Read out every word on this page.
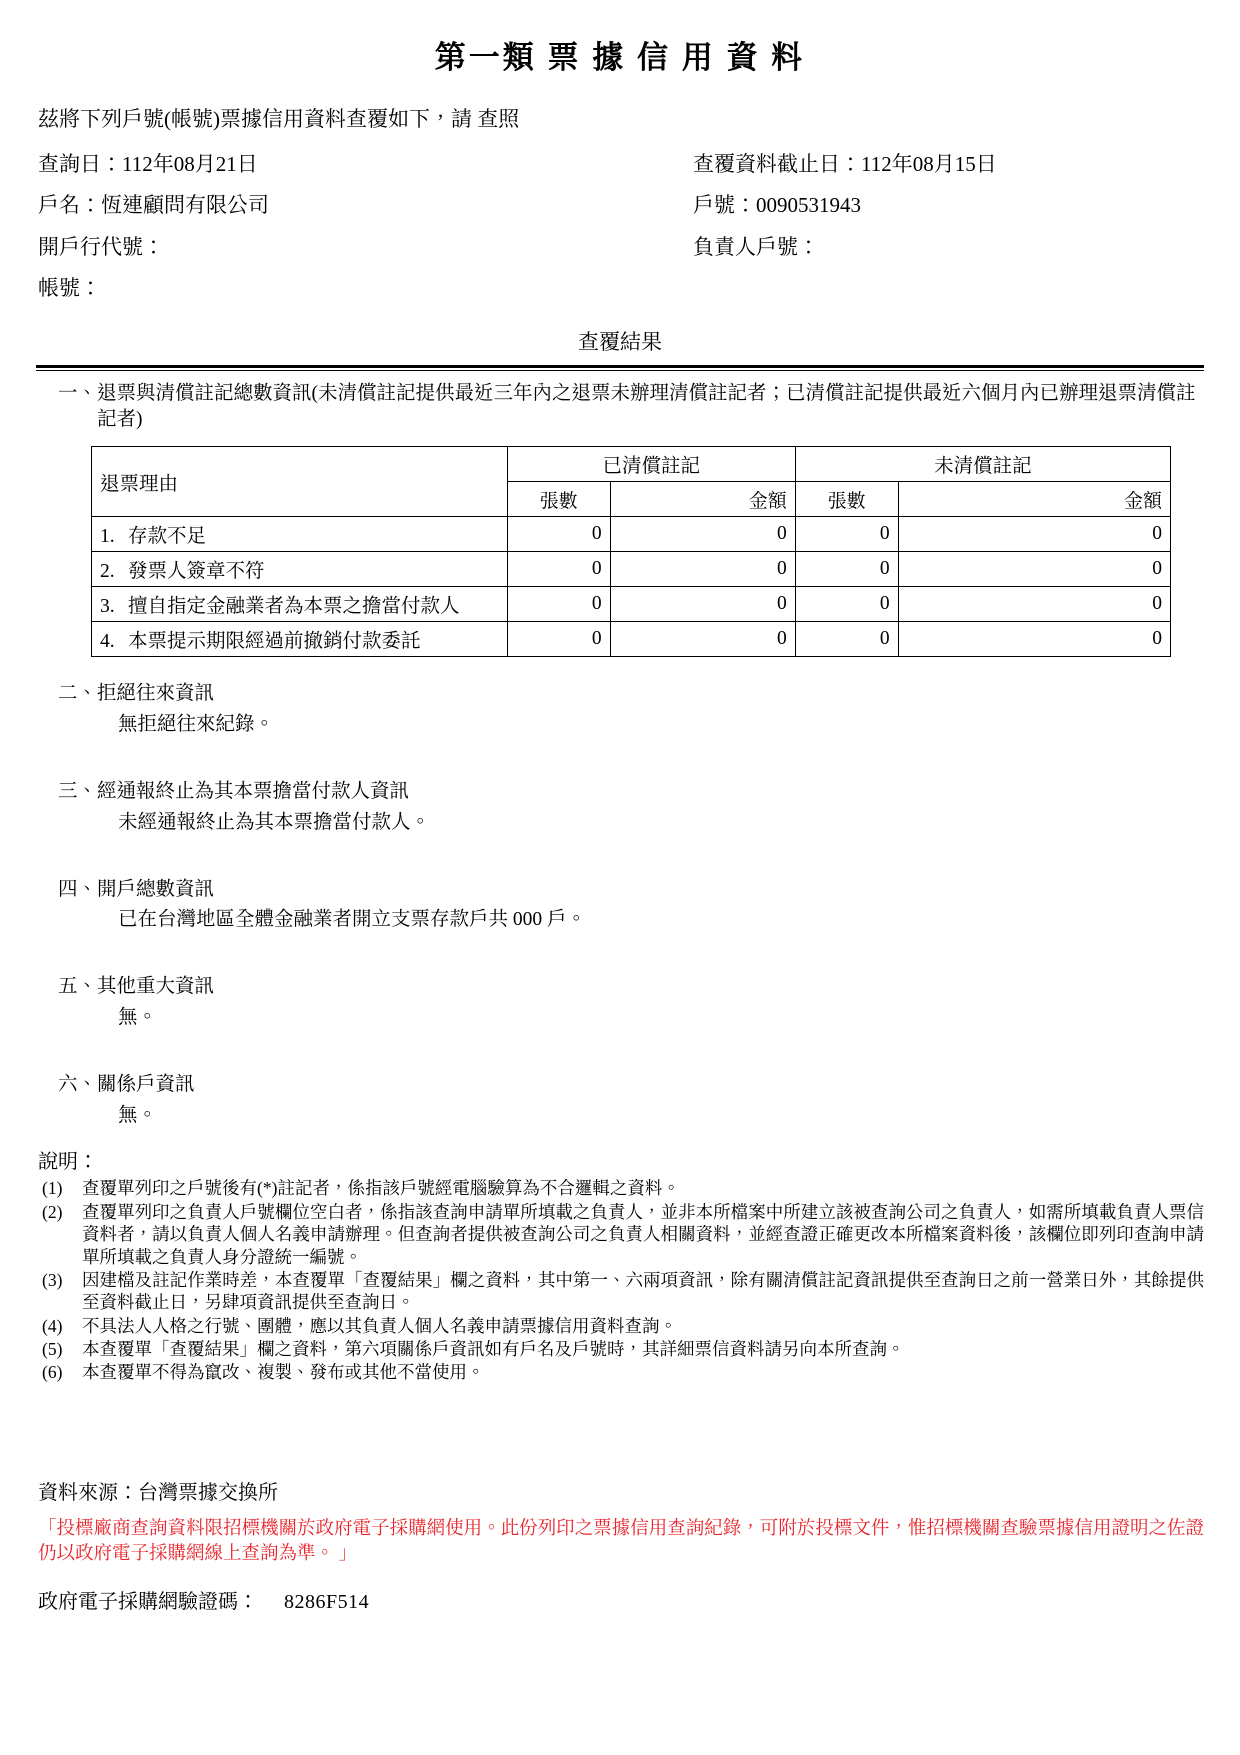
第一類 票 據 信 用 資 料
茲將下列戶號(帳號)票據信用資料查覆如下，請 查照
查詢日：112年08月21日	查覆資料截止日：112年08月15日
戶名：恆連顧問有限公司	戶號：0090531943
開戶行代號：	負責人戶號：
帳號：
查覆結果
一、 退票與清償註記總數資訊(未清償註記提供最近三年內之退票未辦理清償註記者；已清償註記提供最近六個月內已辦理退票清償註記者)
退票理由	已清償註記		未清償註記	
	張數	金額	張數	金額
1. 存款不足	0	0	0	0
2. 發票人簽章不符	0	0	0	0
3. 擅自指定金融業者為本票之擔當付款人	0	0	0	0
4. 本票提示期限經過前撤銷付款委託	0	0	0	0
二、 拒絕往來資訊
無拒絕往來紀錄。
三、 經通報終止為其本票擔當付款人資訊
未經通報終止為其本票擔當付款人。
四、 開戶總數資訊
已在台灣地區全體金融業者開立支票存款戶共 000 戶。
五、 其他重大資訊
無。
六、 關係戶資訊
無。
說明：
(1)	查覆單列印之戶號後有(*)註記者，係指該戶號經電腦驗算為不合邏輯之資料。
(2)	查覆單列印之負責人戶號欄位空白者，係指該查詢申請單所填載之負責人，並非本所檔案中所建立該被查詢公司之負責人，如需所填載負責人票信資料者，請以負責人個人名義申請辦理。但查詢者提供被查詢公司之負責人相關資料，並經查證正確更改本所檔案資料後，該欄位即列印查詢申請單所填載之負責人身分證統一編號。
(3)	因建檔及註記作業時差，本查覆單「查覆結果」欄之資料，其中第一、六兩項資訊，除有關清償註記資訊提供至查詢日之前一營業日外，其餘提供至資料截止日，另肆項資訊提供至查詢日。
(4)	不具法人人格之行號、團體，應以其負責人個人名義申請票據信用資料查詢。
(5)	本查覆單「查覆結果」欄之資料，第六項關係戶資訊如有戶名及戶號時，其詳細票信資料請另向本所查詢。
(6)	本查覆單不得為竄改、複製、發布或其他不當使用。
資料來源：台灣票據交換所
「投標廠商查詢資料限招標機關於政府電子採購網使用。此份列印之票據信用查詢紀錄，可附於投標文件，惟招標機關查驗票據信用證明之佐證仍以政府電子採購網線上查詢為準。 」
政府電子採購網驗證碼： 8286F514
